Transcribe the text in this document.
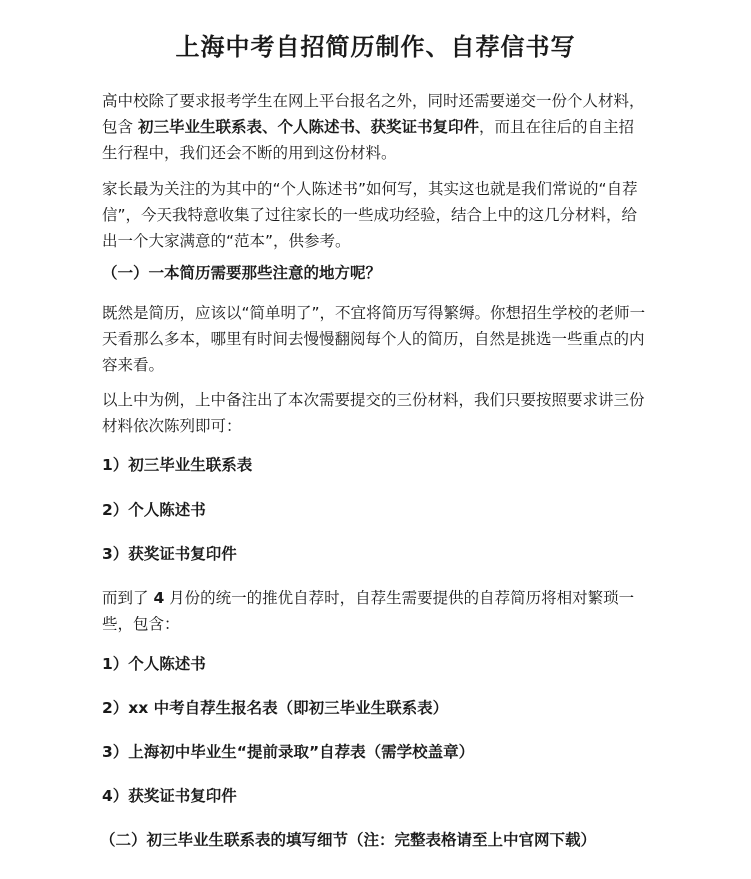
上海中考自招简历制作、自荐信书写
高中校除了要求报考学生在网上平台报名之外，同时还需要递交一份个人材料，
包含 初三毕业生联系表、个人陈述书、获奖证书复印件，而且在往后的自主招
生行程中，我们还会不断的用到这份材料。
家长最为关注的为其中的“个人陈述书”如何写，其实这也就是我们常说的“自荐
信”，今天我特意收集了过往家长的一些成功经验，结合上中的这几分材料，给
出一个大家满意的“范本”，供参考。
（一）一本简历需要那些注意的地方呢？
既然是简历，应该以“简单明了”，不宜将简历写得繁缛。你想招生学校的老师一
天看那么多本，哪里有时间去慢慢翻阅每个人的简历，自然是挑选一些重点的内
容来看。
以上中为例，上中备注出了本次需要提交的三份材料，我们只要按照要求讲三份
材料依次陈列即可：
1）初三毕业生联系表
2）个人陈述书
3）获奖证书复印件
而到了 4 月份的统一的推优自荐时，自荐生需要提供的自荐简历将相对繁琐一
些，包含：
1）个人陈述书
2）xx 中考自荐生报名表（即初三毕业生联系表）
3）上海初中毕业生“提前录取”自荐表（需学校盖章）
4）获奖证书复印件
（二）初三毕业生联系表的填写细节（注：完整表格请至上中官网下载）
